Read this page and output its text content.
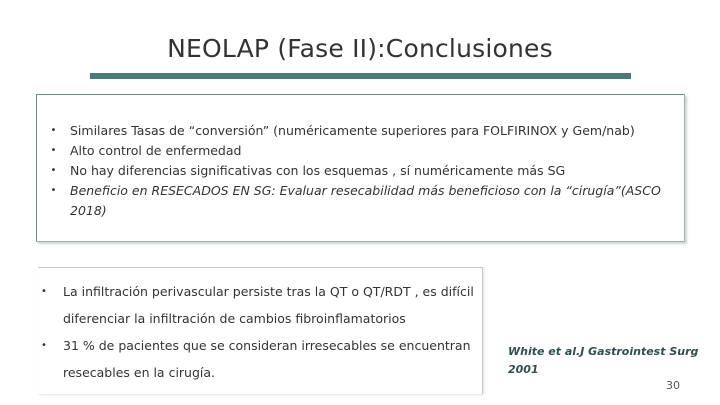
NEOLAP (Fase II):Conclusiones
•	Similares Tasas de “conversión” (numéricamente superiores para FOLFIRINOX y Gem/nab)
•	Alto control de enfermedad
•	No hay diferencias significativas con los esquemas , sí numéricamente más SG
•	Beneficio en RESECADOS EN SG: Evaluar resecabilidad más beneficioso con la “cirugía”(ASCO 2018)
• La infiltración perivascular persiste tras la QT o QT/RDT , es difícil diferenciar la infiltración de cambios fibroinflamatorios
• 31 % de pacientes que se consideran irresecables se encuentran resecables en la cirugía.
White et al.J Gastrointest Surg 2001
30
